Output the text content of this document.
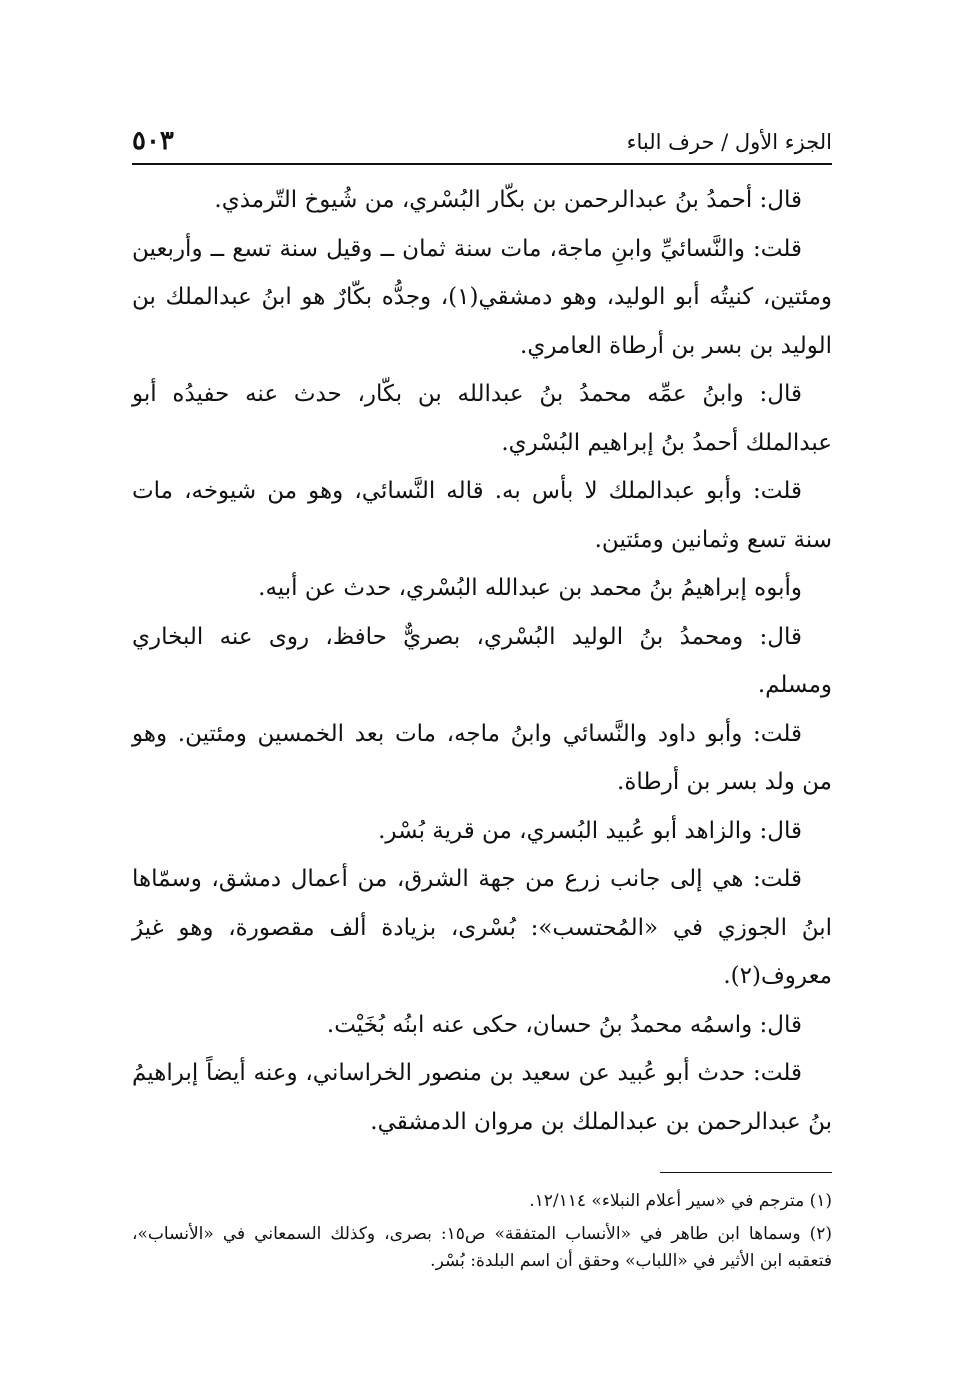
الجزء الأول / حرف الباء
٥٠٣

قال: أحمدُ بنُ عبدالرحمن بن بكّار البُسْري، من شُيوخ التّرمذي.

قلت: والنَّسائيِّ وابنِ ماجة، مات سنة ثمان ــ وقيل سنة تسع ــ وأربعين ومئتين، كنيتُه أبو الوليد، وهو دمشقي(١)، وجدُّه بكّارٌ هو ابنُ عبدالملك بن الوليد بن بسر بن أرطاة العامري.

قال: وابنُ عمِّه محمدُ بنُ عبدالله بن بكّار، حدث عنه حفيدُه أبو عبدالملك أحمدُ بنُ إبراهيم البُسْري.

قلت: وأبو عبدالملك لا بأس به. قاله النَّسائي، وهو من شيوخه، مات سنة تسع وثمانين ومئتين.

وأبوه إبراهيمُ بنُ محمد بن عبدالله البُسْري، حدث عن أبيه.

قال: ومحمدُ بنُ الوليد البُسْري، بصريٌّ حافظ، روى عنه البخاري ومسلم.

قلت: وأبو داود والنَّسائي وابنُ ماجه، مات بعد الخمسين ومئتين. وهو من ولد بسر بن أرطاة.

قال: والزاهد أبو عُبيد البُسري، من قرية بُسْر.

قلت: هي إلى جانب زرع من جهة الشرق، من أعمال دمشق، وسمّاها ابنُ الجوزي في «المُحتسب»: بُسْرى، بزيادة ألف مقصورة، وهو غيرُ معروف(٢).

قال: واسمُه محمدُ بنُ حسان، حكى عنه ابنُه بُخَيْت.

قلت: حدث أبو عُبيد عن سعيد بن منصور الخراساني، وعنه أيضاً إبراهيمُ بنُ عبدالرحمن بن عبدالملك بن مروان الدمشقي.

(١) مترجم في «سير أعلام النبلاء» ١٢/١١٤.

(٢) وسماها ابن طاهر في «الأنساب المتفقة» ص١٥: بصرى، وكذلك السمعاني في «الأنساب»، فتعقبه ابن الأثير في «اللباب» وحقق أن اسم البلدة: بُسْر.
